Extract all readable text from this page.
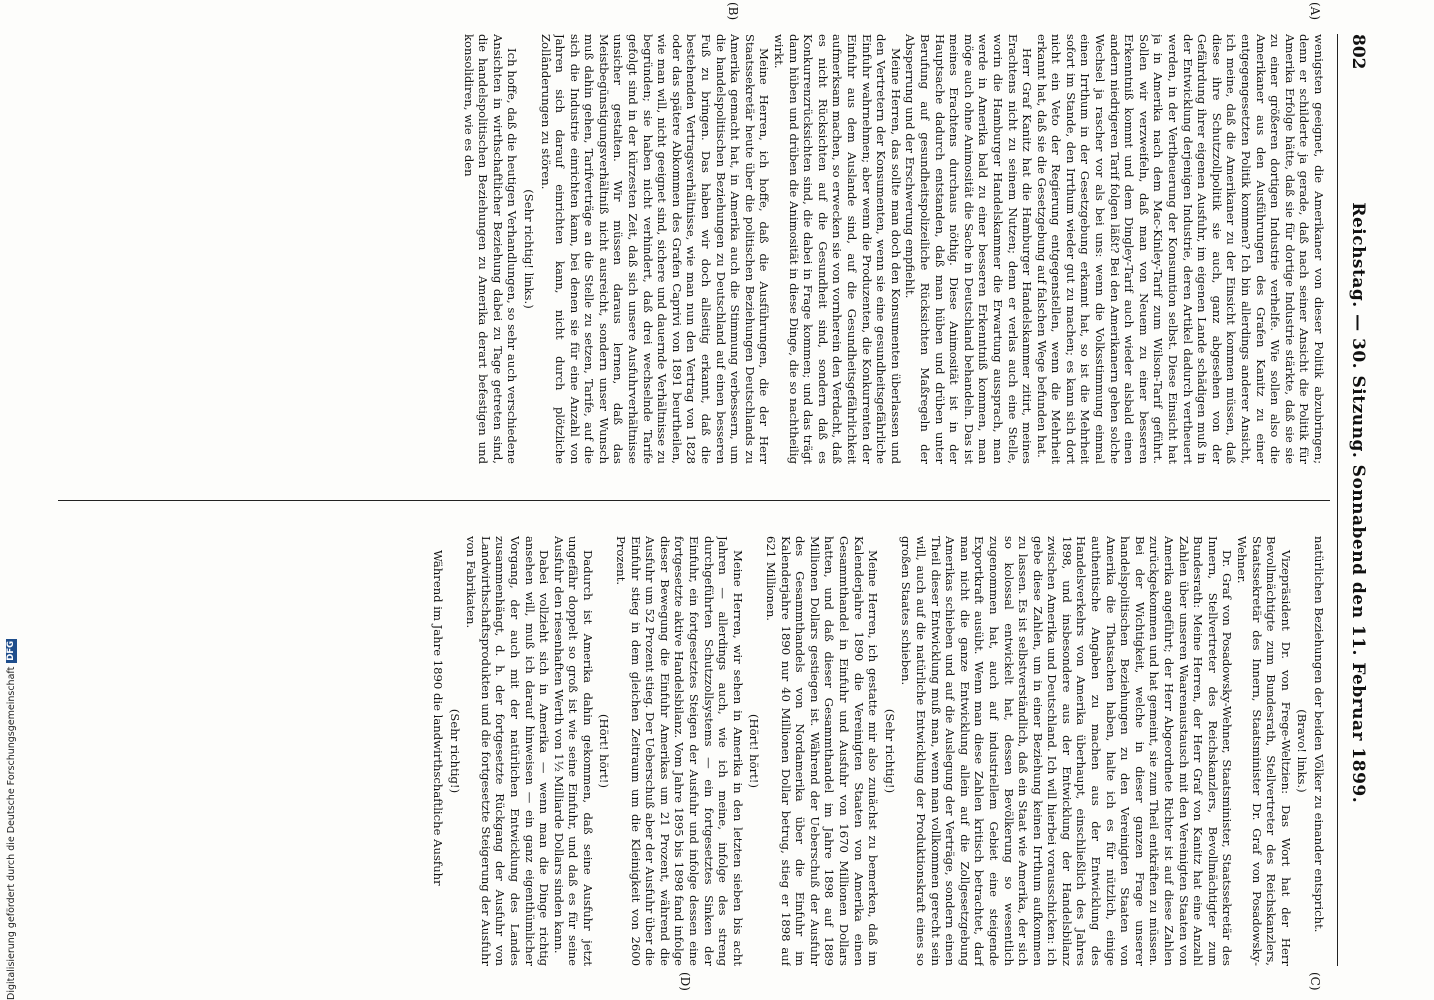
802
Reichstag. — 30. Sitzung. Sonnabend den 11. Februar 1899.
(A)
(B)
(C)
(D)

wenigsten geeignet, die Amerikaner von dieser Politik abzubringen; denn er schilderte ja gerade, daß nach seiner Ansicht die Politik für Amerika Erfolge hätte, daß sie für dortige Industrie stärkte, daß sie sie zu einer größeren dortigen Industrie verhelfe. Wie sollen also die Amerikaner aus den Ausführungen des Grafen Kanitz zu einer entgegengesetzten Politik kommen? Ich bin allerdings anderer Ansicht, ich meine, daß die Amerikaner zu der Einsicht kommen müssen, daß diese ihre Schutzzollpolitik sie auch, ganz abgesehen von der Gefährdung ihrer eigenen Ausfuhr, im eigenen Lande schädigen muß in der Entwicklung derjenigen Industrie, deren Artikel dadurch vertheuert werden, in der Vertheuerung der Konsumtion selbst. Diese Einsicht hat ja in Amerika nach dem Mac-Kinley-Tarif zum Wilson-Tarif geführt. Sollen wir verzweifeln, daß man von Neuem zu einer besseren Erkenntniß kommt und dem Dingley-Tarif auch wieder alsbald einen andern niedrigeren Tarif folgen läßt? Bei den Amerikanern gehen solche Wechsel ja rascher vor als bei uns: wenn die Volksstimmung einmal einen Irrthum in der Gesetzgebung erkannt hat, so ist die Mehrheit sofort im Stande, den Irrthum wieder gut zu machen; es kann sich dort nicht ein Veto der Regierung entgegenstellen, wenn die Mehrheit erkannt hat, daß sie die Gesetzgebung auf falschen Wege befunden hat.

Herr Graf Kanitz hat die Hamburger Handelskammer zitirt, meines Erachtens nicht zu seinem Nutzen; denn er verlas auch eine Stelle, worin die Hamburger Handelskammer die Erwartung aussprach, man werde in Amerika bald zu einer besseren Erkenntniß kommen, man möge auch ohne Animosität die Sache in Deutschland behandeln. Das ist meines Erachtens durchaus nöthig. Diese Animosität ist in der Hauptsache dadurch entstanden, daß man hüben und drüben unter Berufung auf gesundheitspolizeiliche Rücksichten Maßregeln der Absperrung und der Erschwerung empfiehlt.

Meine Herren, das sollte man doch den Konsumenten überlassen und den Vertretern der Konsumenten, wenn sie eine gesundheitsgefährliche Einfuhr wahrnehmen; aber wenn die Produzenten, die Konkurrenten der Einfuhr aus dem Auslande sind, auf die Gesundheitsgefährlichkeit aufmerksam machen, so erwecken sie von vornherein den Verdacht, daß es nicht Rücksichten auf die Gesundheit sind, sondern daß es Konkurrenzrücksichten sind, die dabei in Frage kommen; und das trägt dann hüben und drüben die Animosität in diese Dinge, die so nachtheilig wirkt.

Meine Herren, ich hoffe, daß die Ausführungen, die der Herr Staatssekretär heute über die politischen Beziehungen Deutschlands zu Amerika gemacht hat, in Amerika auch die Stimmung verbessern, um die handelspolitischen Beziehungen zu Deutschland auf einen besseren Fuß zu bringen. Das haben wir doch allseitig erkannt, daß die bestehenden Vertragsverhältnisse, wie man nun den Vertrag von 1828 oder das spätere Abkommen des Grafen Caprivi von 1891 beurtheilen, wie man will, nicht geeignet sind, sichere und dauernde Verhältnisse zu begründen; sie haben nicht verhindert, daß drei wechselnde Tarife gefolgt sind in der kürzesten Zeit, daß sich unsere Ausfuhrverhältnisse unsicher gestalten. Wir müssen daraus lernen, daß das Meistbegünstigungsverhältniß nicht ausreicht, sondern unser Wunsch muß dahin gehen, Tarifverträge an die Stelle zu setzen, Tarife, auf die sich die Industrie einrichten kann, bei denen sie für eine Anzahl von Jahren sich darauf einrichten kann, nicht durch plötzliche Zollânderungen zu stören.

(Sehr richtig! links.)

Ich hoffe, daß die heutigen Verhandlungen, so sehr auch verschiedene Ansichten in wirthschaftlicher Beziehung dabei zu Tage getreten sind, die handelspolitischen Beziehungen zu Amerika derart befestigen und konsolidiren, wie es den

natürlichen Beziehungen der beiden Völker zu einander entspricht.

(Bravo! links.)

Vizepräsident Dr. von Frege-Weltzien: Das Wort hat der Herr Bevollmächtigte zum Bundesrath, Stellvertreter des Reichskanzlers, Staatssekretär des Innern, Staatsminister Dr. Graf von Posadowsky-Wehner.

Dr. Graf von Posadowsky-Wehner, Staatsminister, Staatssekretär des Innern, Stellvertreter des Reichskanzlers, Bevollmächtigter zum Bundesrath: Meine Herren, der Herr Graf von Kanitz hat eine Anzahl Zahlen über unseren Waarenaustausch mit den Vereinigten Staaten von Amerika angeführt; der Herr Abgeordnete Richter ist auf diese Zahlen zurückgekommen und hat gemeint, sie zum Theil entkräften zu müssen. Bei der Wichtigkeit, welche in dieser ganzen Frage unserer handelspolitischen Beziehungen zu den Vereinigten Staaten von Amerika die Thatsachen haben, halte ich es für nützlich, einige authentische Angaben zu machen aus der Entwicklung des Handelsverkehrs von Amerika überhaupt, einschließlich des Jahres 1898, und insbesondere aus der Entwicklung der Handelsbilanz zwischen Amerika und Deutschland. Ich will hierbei vorausschicken: ich gebe diese Zahlen, um in einer Beziehung keinen Irrthum aufkommen zu lassen. Es ist selbstverständlich, daß ein Staat wie Amerika, der sich so kolossal entwickelt hat, dessen Bevölkerung so wesentlich zugenommen hat, auch auf industriellem Gebiet eine steigende Exportkraft ausübt. Wenn man diese Zahlen kritisch betrachtet, darf man nicht die ganze Entwicklung allein auf die Zollgesetzgebung Amerikas schieben und auf die Auslegung der Verträge, sondern einen Theil dieser Entwicklung muß man, wenn man vollkommen gerecht sein will, auch auf die natürliche Entwicklung der Produktionskraft eines so großen Staates schieben.

(Sehr richtig!)

Meine Herren, ich gestatte mir also zunächst zu bemerken, daß im Kalenderjahre 1890 die Vereinigten Staaten von Amerika einen Gesammthandel in Einfuhr und Ausfuhr von 1670 Millionen Dollars hatten, und daß dieser Gesammthandel im Jahre 1898 auf 1889 Millionen Dollars gestiegen ist. Während der Ueberschuß der Ausfuhr des Gesammthandels von Nordamerika über die Einfuhr im Kalenderjahre 1890 nur 40 Millionen Dollar betrug, stieg er 1898 auf 621 Millionen.

(Hört! hört!)

Meine Herren, wir sehen in Amerika in den letzten sieben bis acht Jahren — allerdings auch, wie ich meine, infolge des streng durchgeführten Schutzzollsystems — ein fortgesetztes Sinken der Einfuhr, ein fortgesetztes Steigen der Ausfuhr und infolge dessen eine fortgesetzte aktive Handelsbilanz. Vom Jahre 1895 bis 1898 fand infolge dieser Bewegung die Einfuhr Amerikas um 21 Prozent, während die Ausfuhr um 52 Prozent stieg. Der Ueberschuß aber der Ausfuhr über die Einfuhr stieg in dem gleichen Zeitraum um die Kleinigkeit von 2600 Prozent.

(Hört! hört!)

Dadurch ist Amerika dahin gekommen, daß seine Ausfuhr jetzt ungefähr doppelt so groß ist wie seine Einfuhr, und daß es für seine Ausfuhr den riesenhaften Werth von 1½ Milliarde Dollars sinden kann.

Dabei vollzieht sich in Amerika — wenn man die Dinge richtig ansehen will, muß ich darauf hinweisen — ein ganz eigenthümlicher Vorgang, der auch mit der natürlichen Entwicklung des Landes zusammenhängt, d. h. der fortgesetzte Rückgang der Ausfuhr von Landwirthschaftsprodukten und die fortgesetzte Steigerung der Ausfuhr von Fabrikaten.

(Sehr richtig!)

Während im Jahre 1890 die landwirthschaftliche Ausfuhr

Digitalisierung gefördert durch die Deutsche Forschungsgemeinschaft
DFG
